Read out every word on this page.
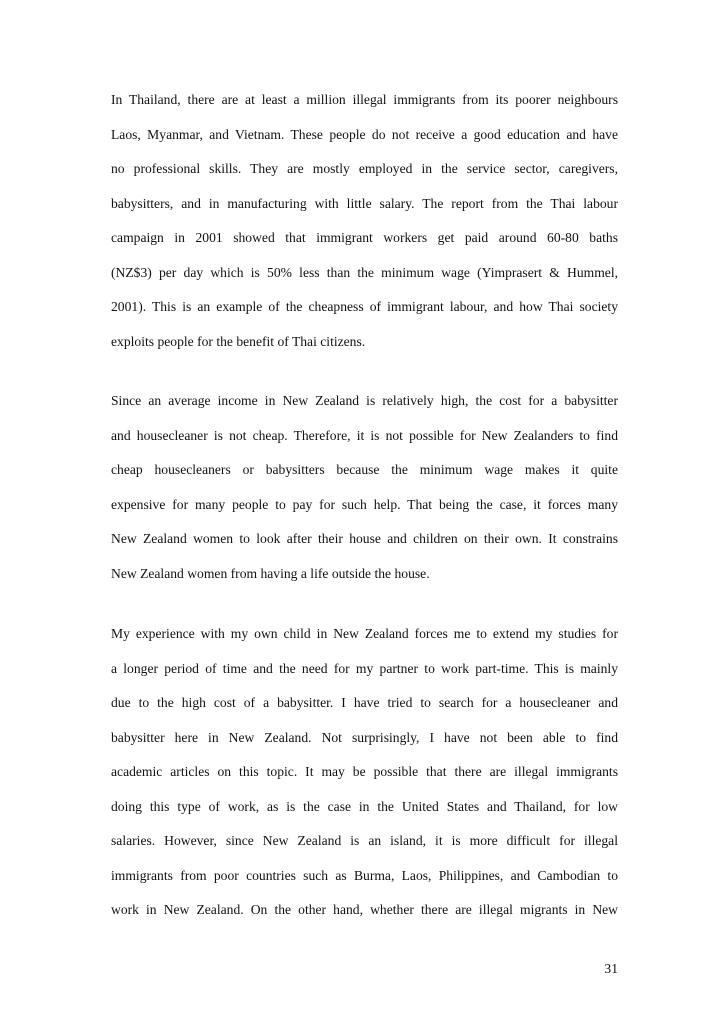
In Thailand, there are at least a million illegal immigrants from its poorer neighbours
Laos, Myanmar, and Vietnam. These people do not receive a good education and have
no professional skills. They are mostly employed in the service sector, caregivers,
babysitters, and in manufacturing with little salary. The report from the Thai labour
campaign in 2001 showed that immigrant workers get paid around 60-80 baths
(NZ$3) per day which is 50% less than the minimum wage (Yimprasert & Hummel,
2001). This is an example of the cheapness of immigrant labour, and how Thai society
exploits people for the benefit of Thai citizens.
Since an average income in New Zealand is relatively high, the cost for a babysitter
and housecleaner is not cheap. Therefore, it is not possible for New Zealanders to find
cheap housecleaners or babysitters because the minimum wage makes it quite
expensive for many people to pay for such help. That being the case, it forces many
New Zealand women to look after their house and children on their own. It constrains
New Zealand women from having a life outside the house.
My experience with my own child in New Zealand forces me to extend my studies for
a longer period of time and the need for my partner to work part-time. This is mainly
due to the high cost of a babysitter. I have tried to search for a housecleaner and
babysitter here in New Zealand. Not surprisingly, I have not been able to find
academic articles on this topic. It may be possible that there are illegal immigrants
doing this type of work, as is the case in the United States and Thailand, for low
salaries. However, since New Zealand is an island, it is more difficult for illegal
immigrants from poor countries such as Burma, Laos, Philippines, and Cambodian to
work in New Zealand. On the other hand, whether there are illegal migrants in New
31
